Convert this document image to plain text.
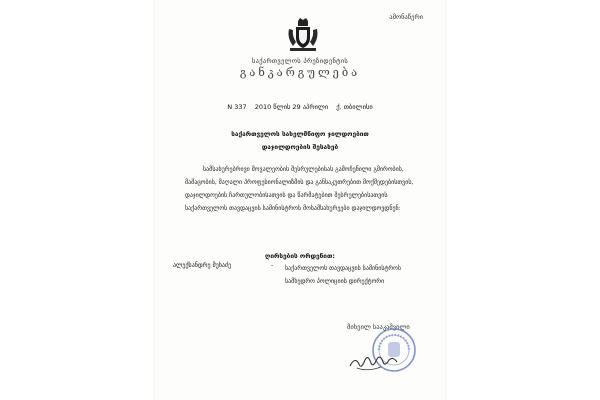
ამონაწერი
საქართველოს პრეზიდენტის
განკარგულება
N 337 2010 წლის 29 აპრილი ქ. თბილისი
საქართველოს სახელმწიფო ჯილდოებით
დაჯილდოების შესახებ
სამსახურებრივი მოვალეობის შესრულებისას გამოჩენილი გმირობის,
მამაცობის, მაღალი პროფესიონალიზმის და განსაკუთრებით მოქმედებისთვის,
დაჯილდოების ჩართულობისათვის და წარმატებით შესრულებისათვის
საქართველოს თავდაცვის სამინისტროს მოსამსახურეები დაჯილდოვდნენ:
ღირსების ორდენით:
ალექსანდრე მუხაძე	- საქართველოს თავდაცვის სამინისტროს
სამხედრო პოლიციის დირექტორი
მიხეილ სააკაშვილი
